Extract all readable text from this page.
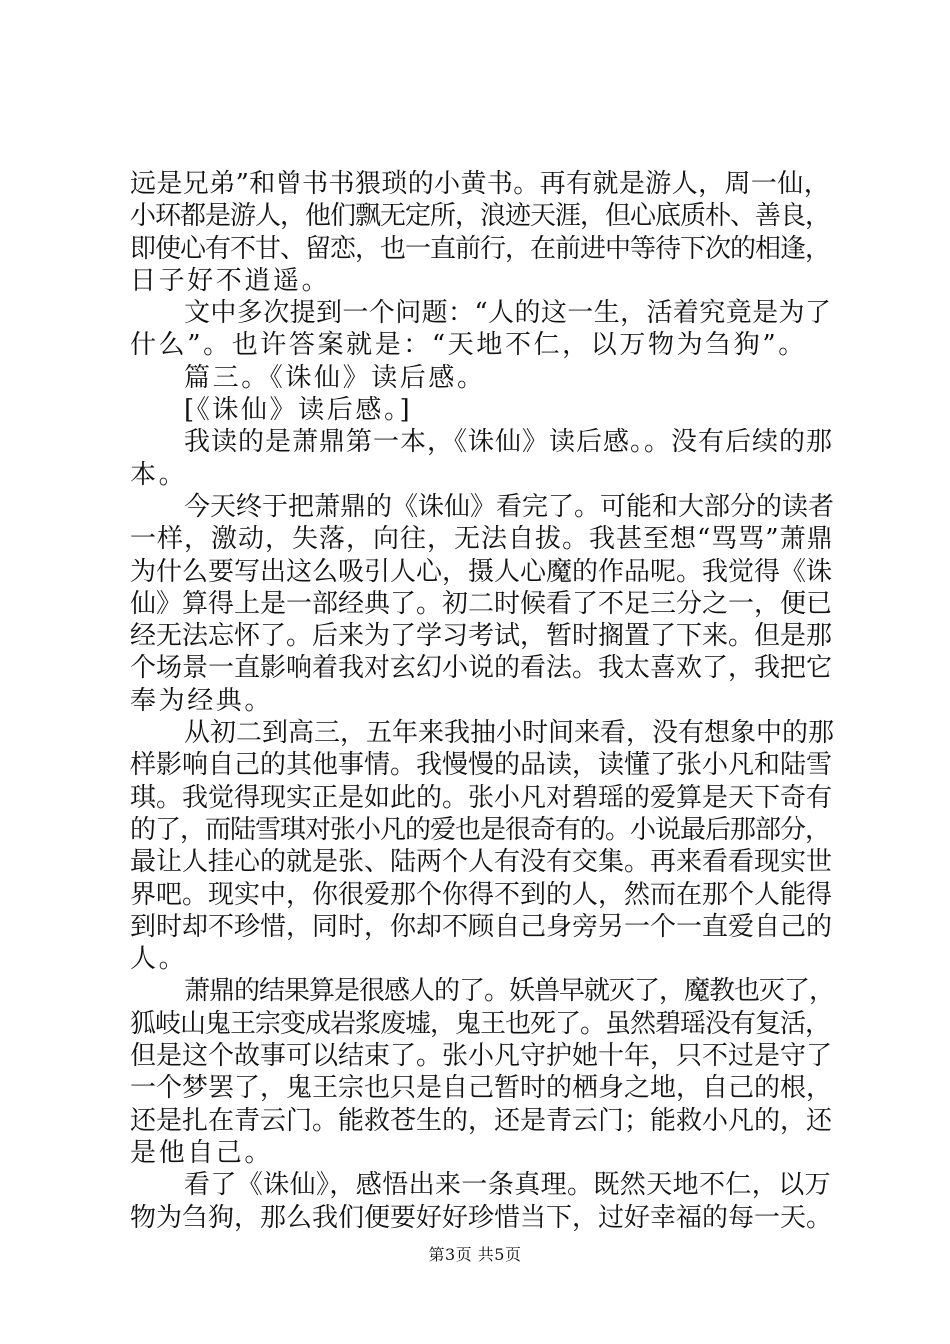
远是兄弟”和曾书书猥琐的小黄书。再有就是游人，周一仙，
小环都是游人，他们飘无定所，浪迹天涯，但心底质朴、善良，
即使心有不甘、留恋，也一直前行，在前进中等待下次的相逢，
日子好不逍遥。
文中多次提到一个问题：“人的这一生，活着究竟是为了
什么”。也许答案就是：“天地不仁，以万物为刍狗”。
篇三。《诛仙》读后感。
[《诛仙》读后感。]
我读的是萧鼎第一本，《诛仙》读后感。。没有后续的那
本。
今天终于把萧鼎的《诛仙》看完了。可能和大部分的读者
一样，激动，失落，向往，无法自拔。我甚至想“骂骂”萧鼎
为什么要写出这么吸引人心，摄人心魔的作品呢。我觉得《诛
仙》算得上是一部经典了。初二时候看了不足三分之一，便已
经无法忘怀了。后来为了学习考试，暂时搁置了下来。但是那
个场景一直影响着我对玄幻小说的看法。我太喜欢了，我把它
奉为经典。
从初二到高三，五年来我抽小时间来看，没有想象中的那
样影响自己的其他事情。我慢慢的品读，读懂了张小凡和陆雪
琪。我觉得现实正是如此的。张小凡对碧瑶的爱算是天下奇有
的了，而陆雪琪对张小凡的爱也是很奇有的。小说最后那部分，
最让人挂心的就是张、陆两个人有没有交集。再来看看现实世
界吧。现实中，你很爱那个你得不到的人，然而在那个人能得
到时却不珍惜，同时，你却不顾自己身旁另一个一直爱自己的
人。
萧鼎的结果算是很感人的了。妖兽早就灭了，魔教也灭了，
狐岐山鬼王宗变成岩浆废墟，鬼王也死了。虽然碧瑶没有复活，
但是这个故事可以结束了。张小凡守护她十年，只不过是守了
一个梦罢了，鬼王宗也只是自己暂时的栖身之地，自己的根，
还是扎在青云门。能救苍生的，还是青云门；能救小凡的，还
是他自己。
看了《诛仙》，感悟出来一条真理。既然天地不仁，以万
物为刍狗，那么我们便要好好珍惜当下，过好幸福的每一天。
第3页 共5页
